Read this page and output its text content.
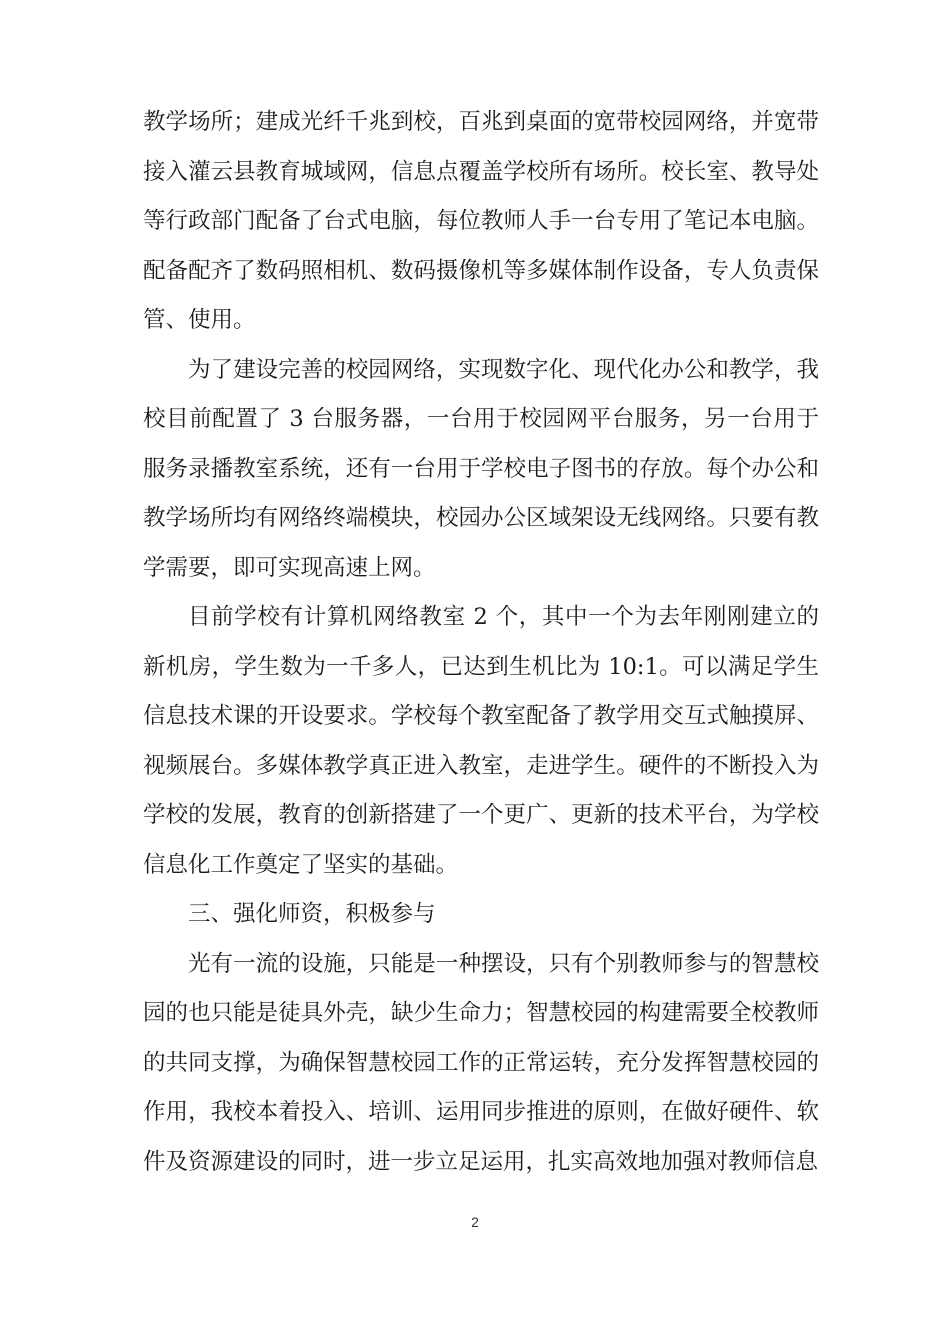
教学场所；建成光纤千兆到校，百兆到桌面的宽带校园网络，并宽带接入灌云县教育城域网，信息点覆盖学校所有场所。校长室、教导处等行政部门配备了台式电脑，每位教师人手一台专用了笔记本电脑。配备配齐了数码照相机、数码摄像机等多媒体制作设备，专人负责保管、使用。

为了建设完善的校园网络，实现数字化、现代化办公和教学，我校目前配置了 3 台服务器，一台用于校园网平台服务，另一台用于服务录播教室系统，还有一台用于学校电子图书的存放。每个办公和教学场所均有网络终端模块，校园办公区域架设无线网络。只要有教学需要，即可实现高速上网。

目前学校有计算机网络教室 2 个，其中一个为去年刚刚建立的新机房，学生数为一千多人，已达到生机比为 10:1。可以满足学生信息技术课的开设要求。学校每个教室配备了教学用交互式触摸屏、视频展台。多媒体教学真正进入教室，走进学生。硬件的不断投入为学校的发展，教育的创新搭建了一个更广、更新的技术平台，为学校信息化工作奠定了坚实的基础。

三、强化师资，积极参与

光有一流的设施，只能是一种摆设，只有个别教师参与的智慧校园的也只能是徒具外壳，缺少生命力；智慧校园的构建需要全校教师的共同支撑，为确保智慧校园工作的正常运转，充分发挥智慧校园的作用，我校本着投入、培训、运用同步推进的原则，在做好硬件、软件及资源建设的同时，进一步立足运用，扎实高效地加强对教师信息

2
